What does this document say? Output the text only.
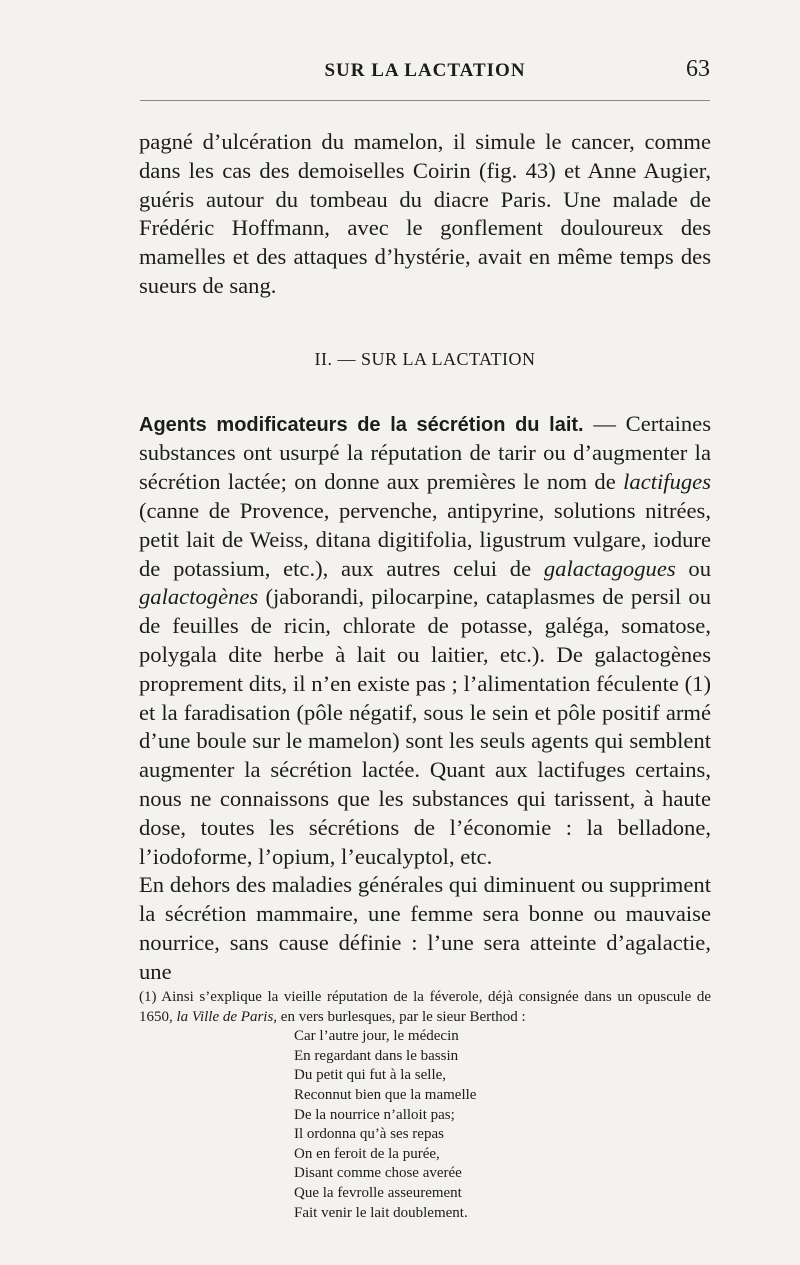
SUR LA LACTATION	63

pagné d’ulcération du mamelon, il simule le cancer, comme dans les cas des demoiselles Coirin (fig. 43) et Anne Augier, guéris autour du tombeau du diacre Paris. Une malade de Frédéric Hoffmann, avec le gonflement douloureux des mamelles et des attaques d’hystérie, avait en même temps des sueurs de sang.

II. — SUR LA LACTATION

Agents modificateurs de la sécrétion du lait. — Certaines substances ont usurpé la réputation de tarir ou d’augmenter la sécrétion lactée; on donne aux premières le nom de lactifuges (canne de Provence, pervenche, antipyrine, solutions nitrées, petit lait de Weiss, ditana digitifolia, ligustrum vulgare, iodure de potassium, etc.), aux autres celui de galactagogues ou galactogènes (jaborandi, pilocarpine, cataplasmes de persil ou de feuilles de ricin, chlorate de potasse, galéga, somatose, polygala dite herbe à lait ou laitier, etc.). De galactogènes proprement dits, il n’en existe pas ; l’alimentation féculente (1) et la faradisation (pôle négatif, sous le sein et pôle positif armé d’une boule sur le mamelon) sont les seuls agents qui semblent augmenter la sécrétion lactée. Quant aux lactifuges certains, nous ne connaissons que les substances qui tarissent, à haute dose, toutes les sécrétions de l’économie : la belladone, l’iodoforme, l’opium, l’eucalyptol, etc.

En dehors des maladies générales qui diminuent ou suppriment la sécrétion mammaire, une femme sera bonne ou mauvaise nourrice, sans cause définie : l’une sera atteinte d’agalactie, une

(1) Ainsi s’explique la vieille réputation de la féverole, déjà consignée dans un opuscule de 1650, la Ville de Paris, en vers burlesques, par le sieur Berthod :

Car l’autre jour, le médecin

En regardant dans le bassin

Du petit qui fut à la selle,

Reconnut bien que la mamelle

De la nourrice n’alloit pas;

Il ordonna qu’à ses repas

On en feroit de la purée,

Disant comme chose averée

Que la fevrolle asseurement

Fait venir le lait doublement.
